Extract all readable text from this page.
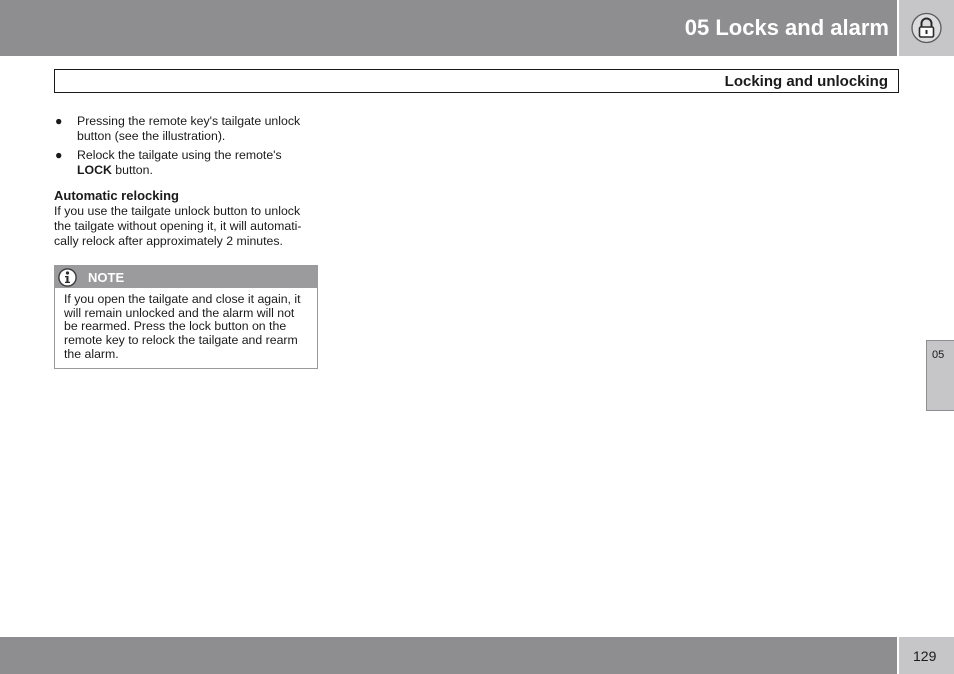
05 Locks and alarm
Locking and unlocking
● Pressing the remote key's tailgate unlock button (see the illustration).
● Relock the tailgate using the remote's LOCK button.
Automatic relocking
If you use the tailgate unlock button to unlock the tailgate without opening it, it will automati-cally relock after approximately 2 minutes.
NOTE
If you open the tailgate and close it again, it will remain unlocked and the alarm will not be rearmed. Press the lock button on the remote key to relock the tailgate and rearm the alarm.	05
129
